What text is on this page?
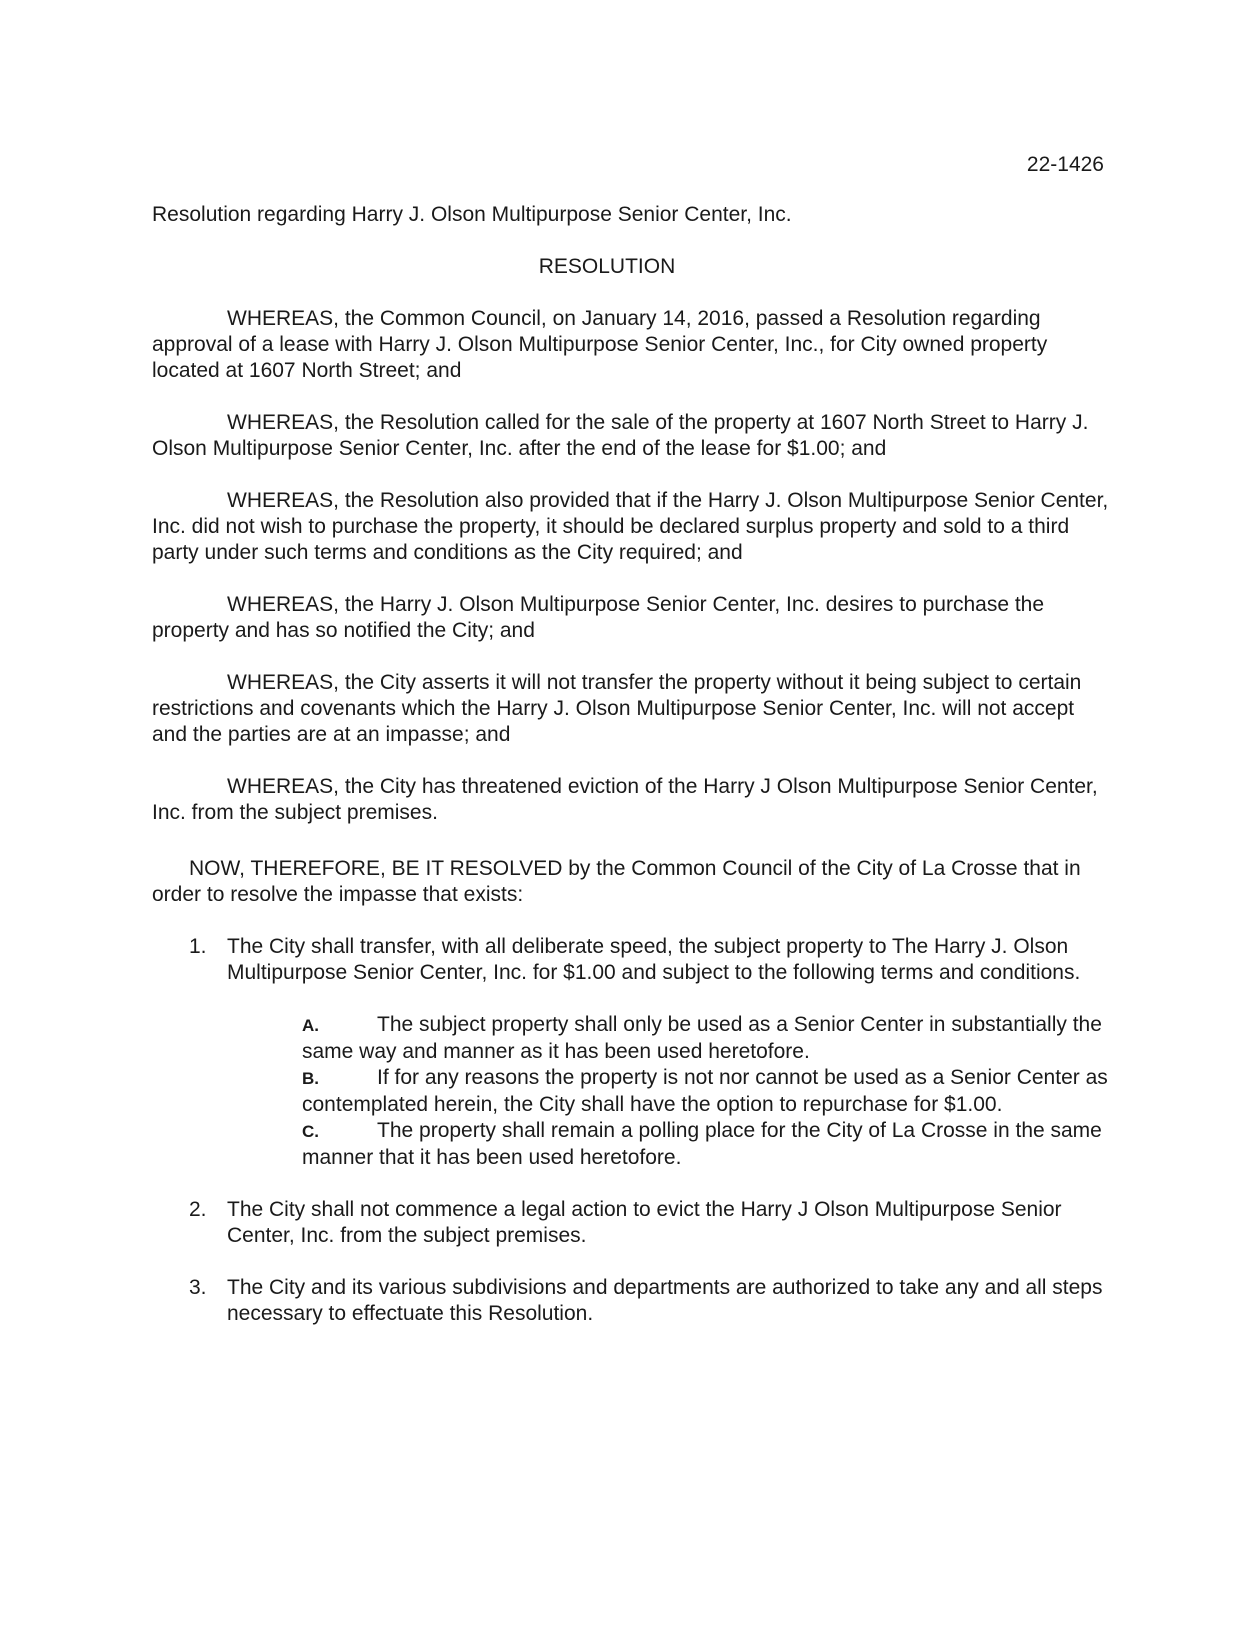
22-1426

Resolution regarding Harry J. Olson Multipurpose Senior Center, Inc.

RESOLUTION

WHEREAS, the Common Council, on January 14, 2016, passed a Resolution regarding approval of a lease with Harry J. Olson Multipurpose Senior Center, Inc., for City owned property located at 1607 North Street; and

WHEREAS, the Resolution called for the sale of the property at 1607 North Street to Harry J. Olson Multipurpose Senior Center, Inc. after the end of the lease for $1.00; and

WHEREAS, the Resolution also provided that if the Harry J. Olson Multipurpose Senior Center, Inc. did not wish to purchase the property, it should be declared surplus property and sold to a third party under such terms and conditions as the City required; and

WHEREAS, the Harry J. Olson Multipurpose Senior Center, Inc. desires to purchase the property and has so notified the City; and

WHEREAS, the City asserts it will not transfer the property without it being subject to certain restrictions and covenants which the Harry J. Olson Multipurpose Senior Center, Inc. will not accept and the parties are at an impasse; and

WHEREAS, the City has threatened eviction of the Harry J Olson Multipurpose Senior Center, Inc. from the subject premises.

NOW, THEREFORE, BE IT RESOLVED by the Common Council of the City of La Crosse that in order to resolve the impasse that exists:

1. The City shall transfer, with all deliberate speed, the subject property to The Harry J. Olson Multipurpose Senior Center, Inc. for $1.00 and subject to the following terms and conditions.

A.	The subject property shall only be used as a Senior Center in substantially the same way and manner as it has been used heretofore.

B.	If for any reasons the property is not nor cannot be used as a Senior Center as contemplated herein, the City shall have the option to repurchase for $1.00.

C.	The property shall remain a polling place for the City of La Crosse in the same manner that it has been used heretofore.

2. The City shall not commence a legal action to evict the Harry J Olson Multipurpose Senior Center, Inc. from the subject premises.
3. The City and its various subdivisions and departments are authorized to take any and all steps necessary to effectuate this Resolution.
